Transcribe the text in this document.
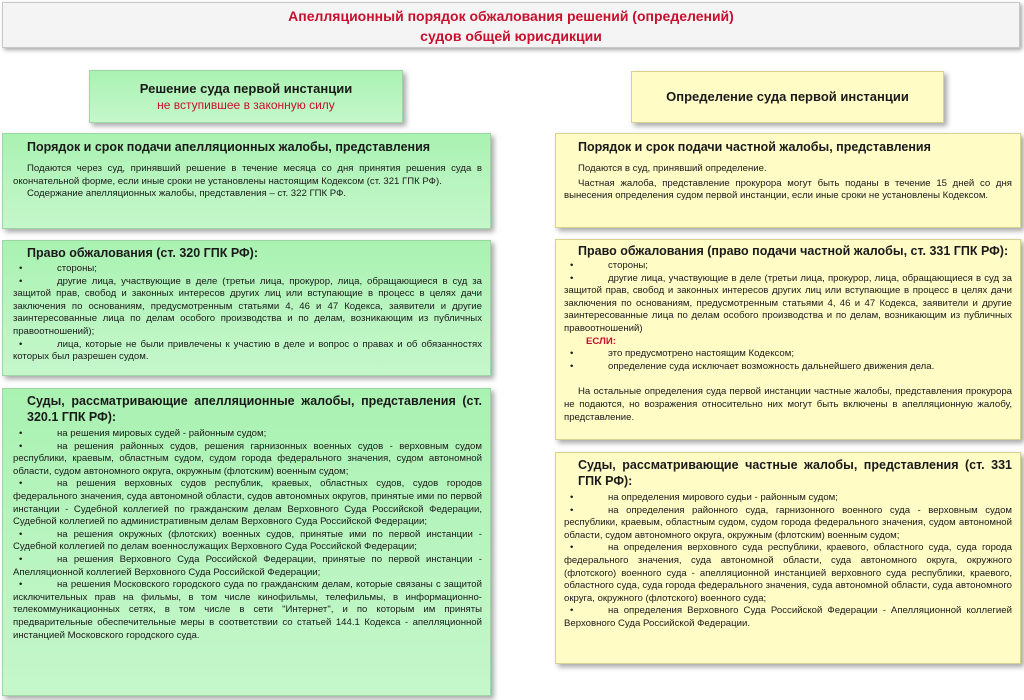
Апелляционный порядок обжалования решений (определений)
судов общей юрисдикции
Решение суда первой инстанции
не вступившее в законную силу
Порядок и срок подачи апелляционных жалобы, представления
Подаются через суд, принявший решение в течение месяца со дня принятия решения суда в окончательной форме, если иные сроки не установлены настоящим Кодексом (ст. 321 ГПК РФ).
Содержание апелляционных жалобы, представления – ст. 322 ГПК РФ.
Право обжалования (ст. 320 ГПК РФ):
•	стороны;
•	другие лица, участвующие в деле (третьи лица, прокурор, лица, обращающиеся в суд за защитой прав, свобод и законных интересов других лиц или вступающие в процесс в целях дачи заключения по основаниям, предусмотренным статьями 4, 46 и 47 Кодекса, заявители и другие заинтересованные лица по делам особого производства и по делам, возникающим из публичных правоотношений);
•	лица, которые не были привлечены к участию в деле и вопрос о правах и об обязанностях которых был разрешен судом.
Суды, рассматривающие апелляционные жалобы, представления (ст. 320.1 ГПК РФ):
•	на решения мировых судей - районным судом;
•	на решения районных судов, решения гарнизонных военных судов - верховным судом республики, краевым, областным судом, судом города федерального значения, судом автономной области, судом автономного округа, окружным (флотским) военным судом;
•	на решения верховных судов республик, краевых, областных судов, судов городов федерального значения, суда автономной области, судов автономных округов, принятые ими по первой инстанции - Судебной коллегией по гражданским делам Верховного Суда Российской Федерации, Судебной коллегией по административным делам Верховного Суда Российской Федерации;
•	на решения окружных (флотских) военных судов, принятые ими по первой инстанции - Судебной коллегией по делам военнослужащих Верховного Суда Российской Федерации;
•	на решения Верховного Суда Российской Федерации, принятые по первой инстанции - Апелляционной коллегией Верховного Суда Российской Федерации;
•	на решения Московского городского суда по гражданским делам, которые связаны с защитой исключительных прав на фильмы, в том числе кинофильмы, телефильмы, в информационно-телекоммуникационных сетях, в том числе в сети "Интернет", и по которым им приняты предварительные обеспечительные меры в соответствии со статьей 144.1 Кодекса - апелляционной инстанцией Московского городского суда.
Определение суда первой инстанции
Порядок и срок подачи частной жалобы, представления
Подаются в суд, принявший определение.
Частная жалоба, представление прокурора могут быть поданы в течение 15 дней со дня вынесения определения судом первой инстанции, если иные сроки не установлены Кодексом.
Право обжалования (право подачи частной жалобы, ст. 331 ГПК РФ):
•	стороны;
•	другие лица, участвующие в деле (третьи лица, прокурор, лица, обращающиеся в суд за защитой прав, свобод и законных интересов других лиц или вступающие в процесс в целях дачи заключения по основаниям, предусмотренным статьями 4, 46 и 47 Кодекса, заявители и другие заинтересованные лица по делам особого производства и по делам, возникающим из публичных правоотношений)
ЕСЛИ:
•	это предусмотрено настоящим Кодексом;
•	определение суда исключает возможность дальнейшего движения дела.
На остальные определения суда первой инстанции частные жалобы, представления прокурора не подаются, но возражения относительно них могут быть включены в апелляционную жалобу, представление.
Суды, рассматривающие частные жалобы, представления (ст. 331 ГПК РФ):
•	на определения мирового судьи - районным судом;
•	на определения районного суда, гарнизонного военного суда - верховным судом республики, краевым, областным судом, судом города федерального значения, судом автономной области, судом автономного округа, окружным (флотским) военным судом;
•	на определения верховного суда республики, краевого, областного суда, суда города федерального значения, суда автономной области, суда автономного округа, окружного (флотского) военного суда - апелляционной инстанцией верховного суда республики, краевого, областного суда, суда города федерального значения, суда автономной области, суда автономного округа, окружного (флотского) военного суда;
•	на определения Верховного Суда Российской Федерации - Апелляционной коллегией Верховного Суда Российской Федерации.
